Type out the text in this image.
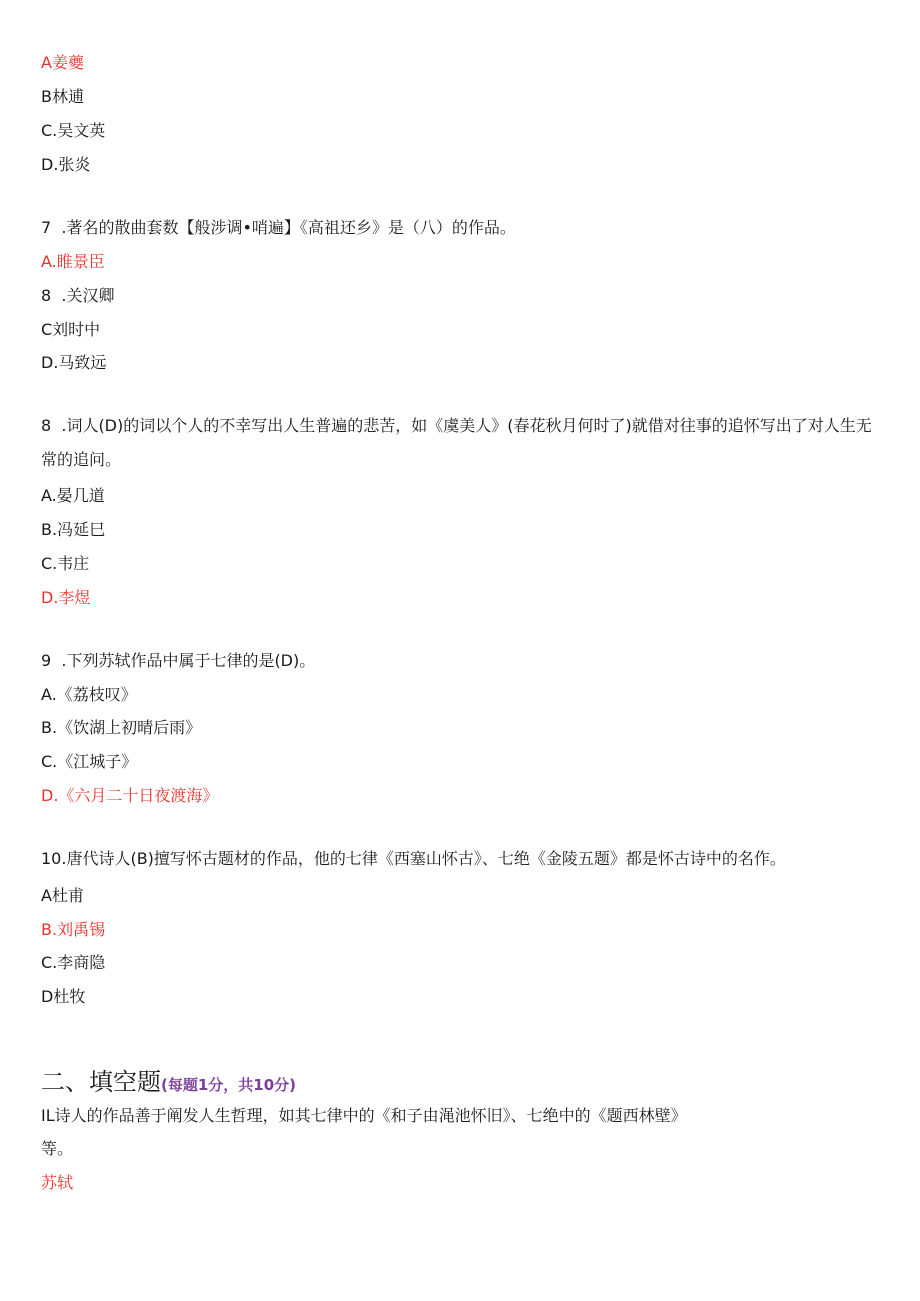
A姜夔
B林逋
C.吴文英
D.张炎
7  .著名的散曲套数【般涉调•哨遍】《高祖还乡》是（八）的作品。
A.睢景臣
8  .关汉卿
C刘时中
D.马致远
8  .词人(D)的词以个人的不幸写出人生普遍的悲苦，如《虞美人》(春花秋月何时了)就借对往事的追怀写出了对人生无常的追问。
A.晏几道
B.冯延巳
C.韦庄
D.李煜
9  .下列苏轼作品中属于七律的是(D)。
A.《荔枝叹》
B.《饮湖上初晴后雨》
C.《江城子》
D.《六月二十日夜渡海》
10.唐代诗人(B)擅写怀古题材的作品，他的七律《西塞山怀古》、七绝《金陵五题》都是怀古诗中的名作。
A杜甫
B.刘禹锡
C.李商隐
D杜牧
二、填空题(每题1分，共10分)
IL诗人的作品善于阐发人生哲理，如其七律中的《和子由渑池怀旧》、七绝中的《题西林壁》
等。
苏轼
